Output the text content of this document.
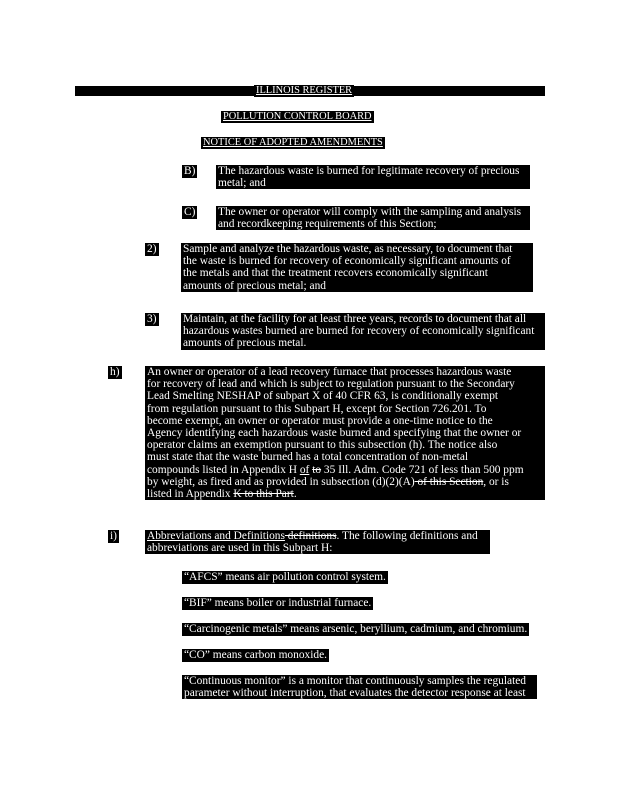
ILLINOIS REGISTER
POLLUTION CONTROL BOARD
NOTICE OF ADOPTED AMENDMENTS
B) The hazardous waste is burned for legitimate recovery of precious
metal; and
C) The owner or operator will comply with the sampling and analysis
and recordkeeping requirements of this Section;
2) Sample and analyze the hazardous waste, as necessary, to document that
the waste is burned for recovery of economically significant amounts of
the metals and that the treatment recovers economically significant
amounts of precious metal; and
3) Maintain, at the facility for at least three years, records to document that all
hazardous wastes burned are burned for recovery of economically significant
amounts of precious metal.
h) An owner or operator of a lead recovery furnace that processes hazardous waste
for recovery of lead and which is subject to regulation pursuant to the Secondary
Lead Smelting NESHAP of subpart X of 40 CFR 63, is conditionally exempt
from regulation pursuant to this Subpart H, except for Section 726.201. To
become exempt, an owner or operator must provide a one-time notice to the
Agency identifying each hazardous waste burned and specifying that the owner or
operator claims an exemption pursuant to this subsection (h). The notice also
must state that the waste burned has a total concentration of non-metal
compounds listed in Appendix H of to 35 Ill. Adm. Code 721 of less than 500 ppm
by weight, as fired and as provided in subsection (d)(2)(A) of this Section, or is
listed in Appendix K to this Part.
i)	Abbreviations and Definitions definitions. The following definitions and
abbreviations are used in this Subpart H:
“AFCS” means air pollution control system.
“BIF” means boiler or industrial furnace.
“Carcinogenic metals” means arsenic, beryllium, cadmium, and chromium.
“CO” means carbon monoxide.
“Continuous monitor” is a monitor that continuously samples the regulated
parameter without interruption, that evaluates the detector response at least
